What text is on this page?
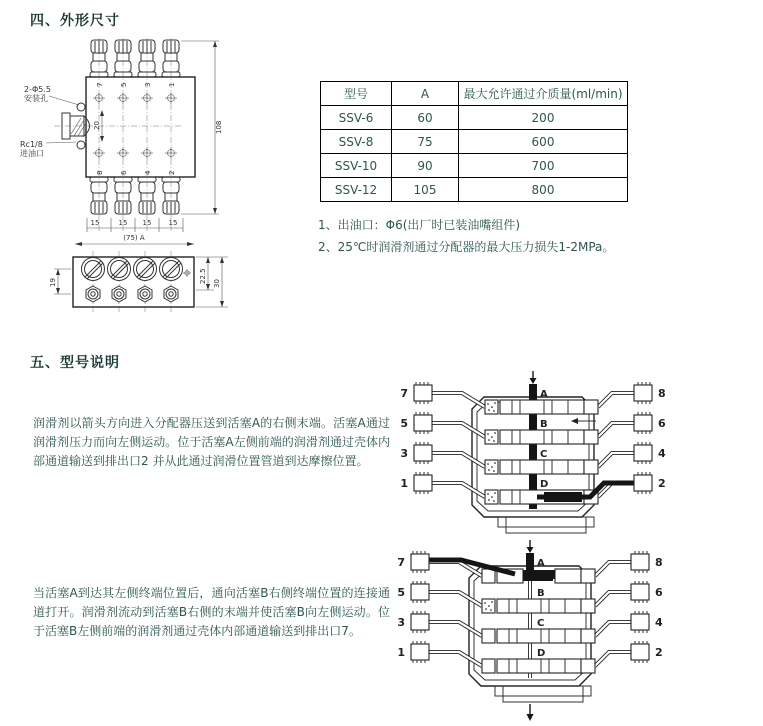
四、外形尺寸
7 5 3 1
8 6 4 2
20
2-Φ5.5
安装孔
Rc1/8
进油口
108
15	15 15 15
(75) A
19	22.5 30
型号	A	最大允许通过介质量(ml/min)
SSV-6	60	200
SSV-8	75	600
SSV-10	90	700
SSV-12	105	800
1、出油口：Φ6(出厂时已装油嘴组件)
2、25℃时润滑剂通过分配器的最大压力损失1-2MPa。
五、型号说明
润滑剂以箭头方向进入分配器压送到活塞A的右侧末端。活塞A通过润滑剂压力而向左侧运动。位于活塞A左侧前端的润滑剂通过壳体内部通道输送到排出口2 并从此通过润滑位置管道到达摩擦位置。
A
B
C
D
7
5
3
1
8
6
4
2
当活塞A到达其左侧终端位置后，通向活塞B右侧终端位置的连接通道打开。润滑剂流动到活塞B右侧的末端并使活塞B向左侧运动。位于活塞B左侧前端的润滑剂通过壳体内部通道输送到排出口7。
A
B
C
D
7
5
3
1
8
6
4
2
